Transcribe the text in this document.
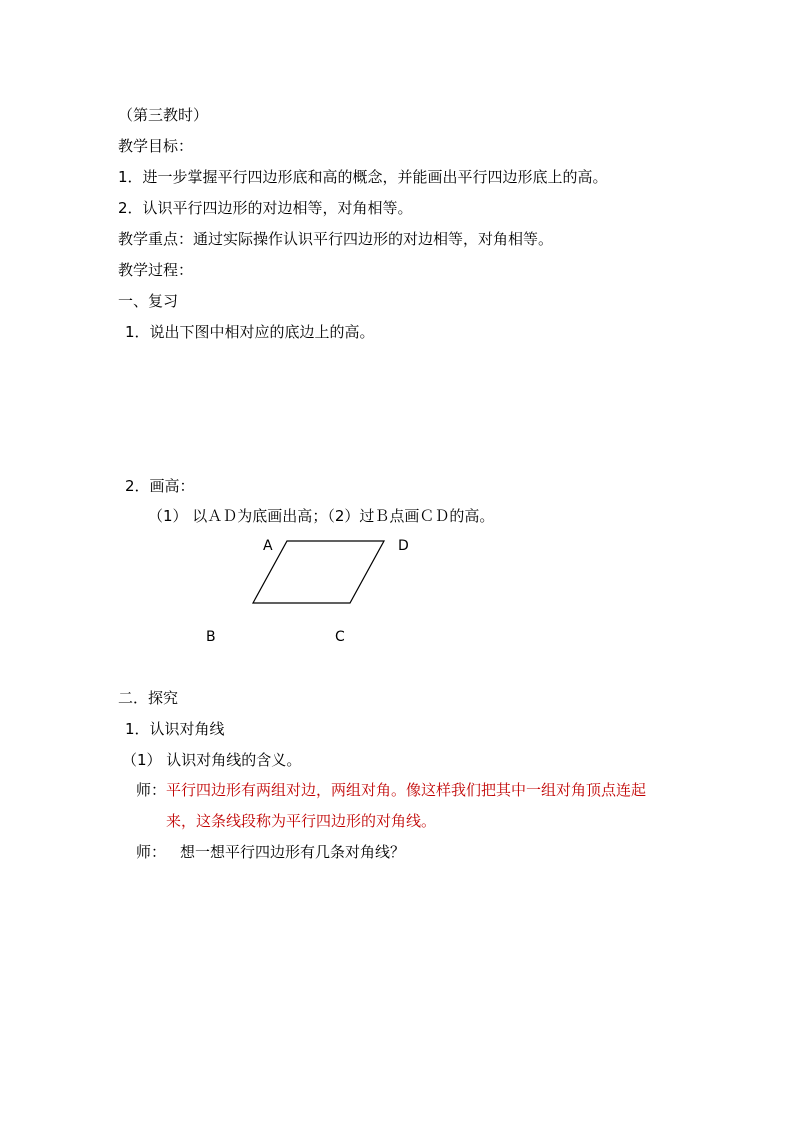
（第三教时）
教学目标：
1．进一步掌握平行四边形底和高的概念，并能画出平行四边形底上的高。
2．认识平行四边形的对边相等，对角相等。
教学重点：通过实际操作认识平行四边形的对边相等，对角相等。
教学过程：
一、复习
1．说出下图中相对应的底边上的高。
2．画高：
（1） 以ＡＤ为底画出高；（2）过Ｂ点画ＣＤ的高。
A	D
B	C
二．探究
1．认识对角线
（1） 认识对角线的含义。
师：平行四边形有两组对边，两组对角。像这样我们把其中一组对角顶点连起
来，这条线段称为平行四边形的对角线。
师： 想一想平行四边形有几条对角线？
